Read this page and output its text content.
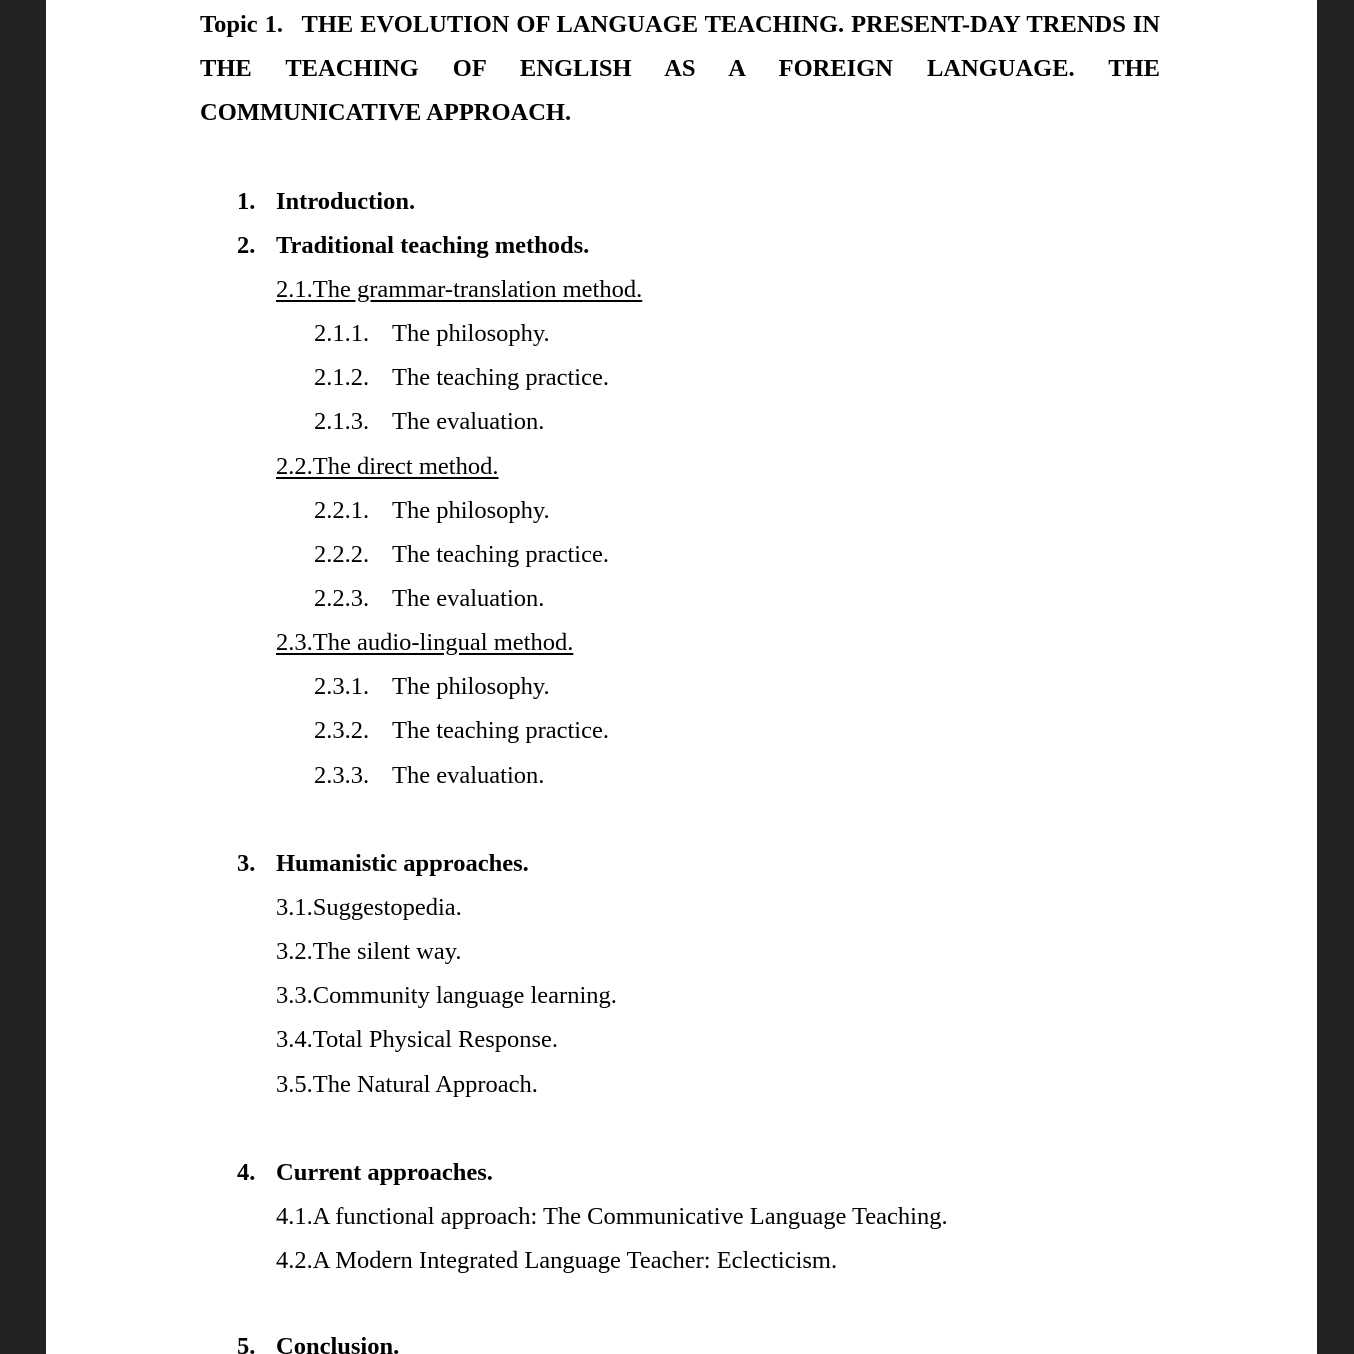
Topic 1. THE EVOLUTION OF LANGUAGE TEACHING. PRESENT-DAY TRENDS IN THE TEACHING OF ENGLISH AS A FOREIGN LANGUAGE. THE COMMUNICATIVE APPROACH.
1. Introduction.
2. Traditional teaching methods.
2.1.The grammar-translation method.
2.1.1. The philosophy.
2.1.2. The teaching practice.
2.1.3. The evaluation.
2.2.The direct method.
2.2.1. The philosophy.
2.2.2. The teaching practice.
2.2.3. The evaluation.
2.3.The audio-lingual method.
2.3.1. The philosophy.
2.3.2. The teaching practice.
2.3.3. The evaluation.
3. Humanistic approaches.
3.1.Suggestopedia.
3.2.The silent way.
3.3.Community language learning.
3.4.Total Physical Response.
3.5.The Natural Approach.
4. Current approaches.
4.1.A functional approach: The Communicative Language Teaching.
4.2.A Modern Integrated Language Teacher: Eclecticism.
5. Conclusion.
